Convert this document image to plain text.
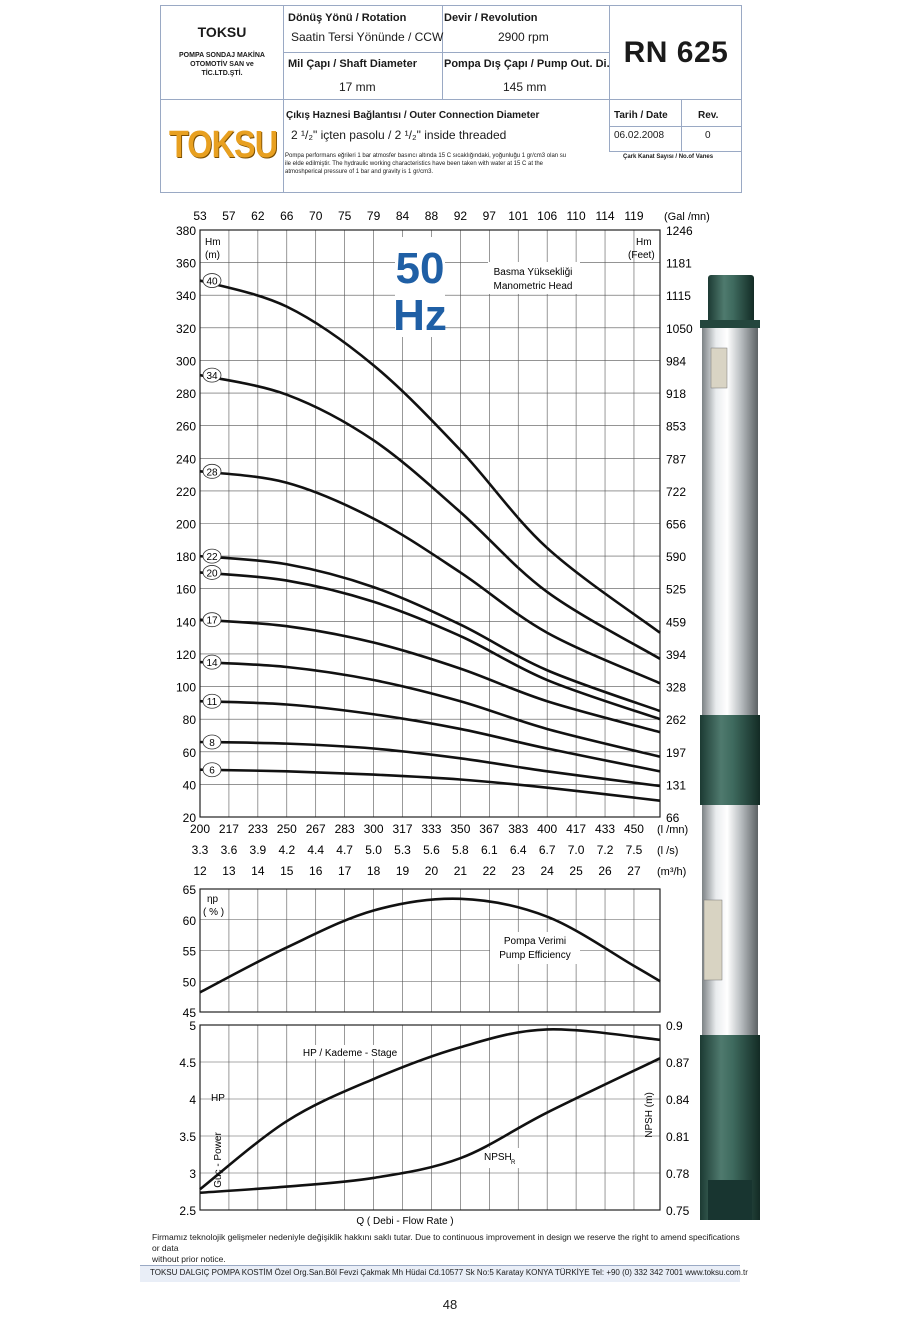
TOKSU
POMPA SONDAJ MAKİNA
OTOMOTİV SAN ve
TİC.LTD.ŞTİ.
Dönüş Yönü / Rotation
Saatin Tersi Yönünde / CCW
Devir / Revolution
2900 rpm	RN 625
Mil Çapı / Shaft Diameter
17 mm
Pompa Dış Çapı / Pump Out. Di.
145 mm
TOKSU
Çıkış Haznesi Bağlantısı / Outer Connection Diameter
2 ¹/₂" içten pasolu / 2 ¹/₂" inside threaded
Tarih / Date
06.02.2008
Rev.
0
Pompa performans eğrileri 1 bar atmosfer basıncı altında 15 C sıcaklığındaki, yoğunluğu 1 gr/cm3 olan su
ile elde edilmiştir. The hydraulic working characteristics have been taken with water at 15 C at the
atmoshperical pressure of 1 bar and gravity is 1 gr/cm3.
Çark Kanat Sayısı / No.of Vanes
20	66
40	131
60	197
80	262
100	328
120	394
140	459
160	525
180	590
200	656
220	722
240	787
260	853
280	918
300	984
320	1050
340	1115
360	1181
380	1246
53 57 62 66 70 75 79 84 88 92 97 101 106 110 114 119 (Gal /mn)
200 217 233 250 267 283 300 317 333 350 367 383 400 417 433 450
3.3 3.6 3.9 4.2 4.4 4.7 5.0 5.3 5.6 5.8 6.1 6.4 6.7 7.0 7.2 7.5
12 13 14 15 16 17 18 19 20 21 22 23 24 25 26 27
(l /mn)
(l /s)
(m³/h)
Hm
(m)
Hm
(Feet)
50
Hz
Basma Yüksekliği
Manometric Head
40
34
28
22
20
17
14
11
8
6
45
50
55
60
65
ηp
( % )
Pompa Verimi
Pump Efficiency
2.5	0.75
3	0.78
3.5	0.81
4	0.84
4.5	0.87
5	0.9
HP / Kademe - Stage
NPSH R
HP
Güç - Power
NPSH (m)
Q ( Debi - Flow Rate )
Firmamız teknolojik gelişmeler nedeniyle değişiklik hakkını saklı tutar. Due to continuous improvement in design we reserve the right to amend specifications or data
without prior notice.
TOKSU DALGIÇ POMPA KOSTİM Özel Org.San.Böl Fevzi Çakmak Mh Hüdai Cd.10577 Sk No:5 Karatay KONYA TÜRKİYE Tel: +90 (0) 332 342 7001 www.toksu.com.tr
48
